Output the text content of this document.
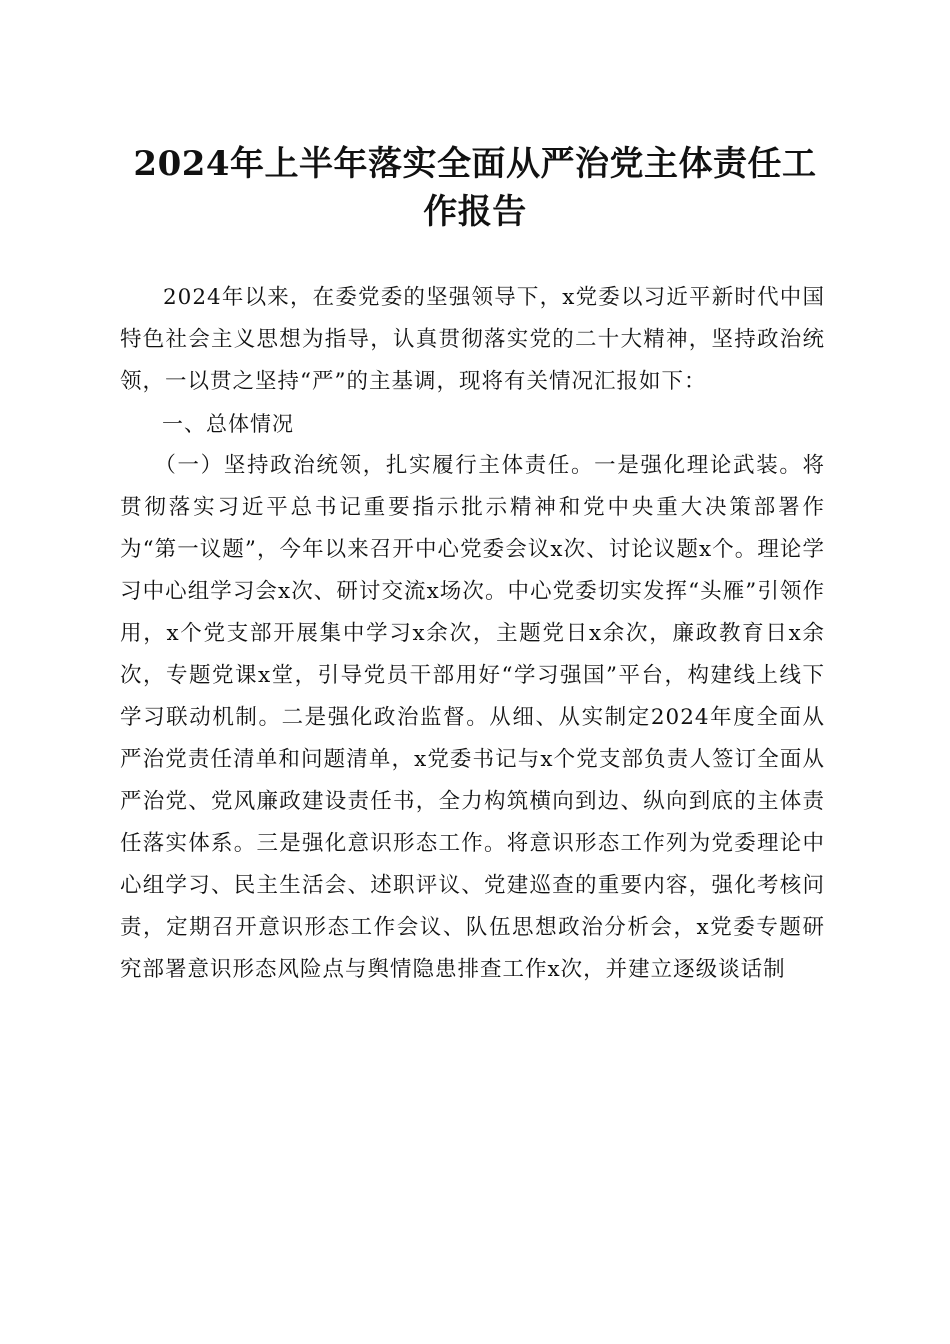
2024年上半年落实全面从严治党主体责任工作报告

2024年以来，在委党委的坚强领导下，x党委以习近平新时代中国特色社会主义思想为指导，认真贯彻落实党的二十大精神，坚持政治统领，一以贯之坚持“严”的主基调，现将有关情况汇报如下：

一、总体情况

（一）坚持政治统领，扎实履行主体责任。一是强化理论武装。将贯彻落实习近平总书记重要指示批示精神和党中央重大决策部署作为“第一议题”，今年以来召开中心党委会议x次、讨论议题x个。理论学习中心组学习会x次、研讨交流x场次。中心党委切实发挥“头雁”引领作用，x个党支部开展集中学习x余次，主题党日x余次，廉政教育日x余次，专题党课x堂，引导党员干部用好“学习强国”平台，构建线上线下学习联动机制。二是强化政治监督。从细、从实制定2024年度全面从严治党责任清单和问题清单，x党委书记与x个党支部负责人签订全面从严治党、党风廉政建设责任书，全力构筑横向到边、纵向到底的主体责任落实体系。三是强化意识形态工作。将意识形态工作列为党委理论中心组学习、民主生活会、述职评议、党建巡查的重要内容，强化考核问责，定期召开意识形态工作会议、队伍思想政治分析会，x党委专题研究部署意识形态风险点与舆情隐患排查工作x次，并建立逐级谈话制
